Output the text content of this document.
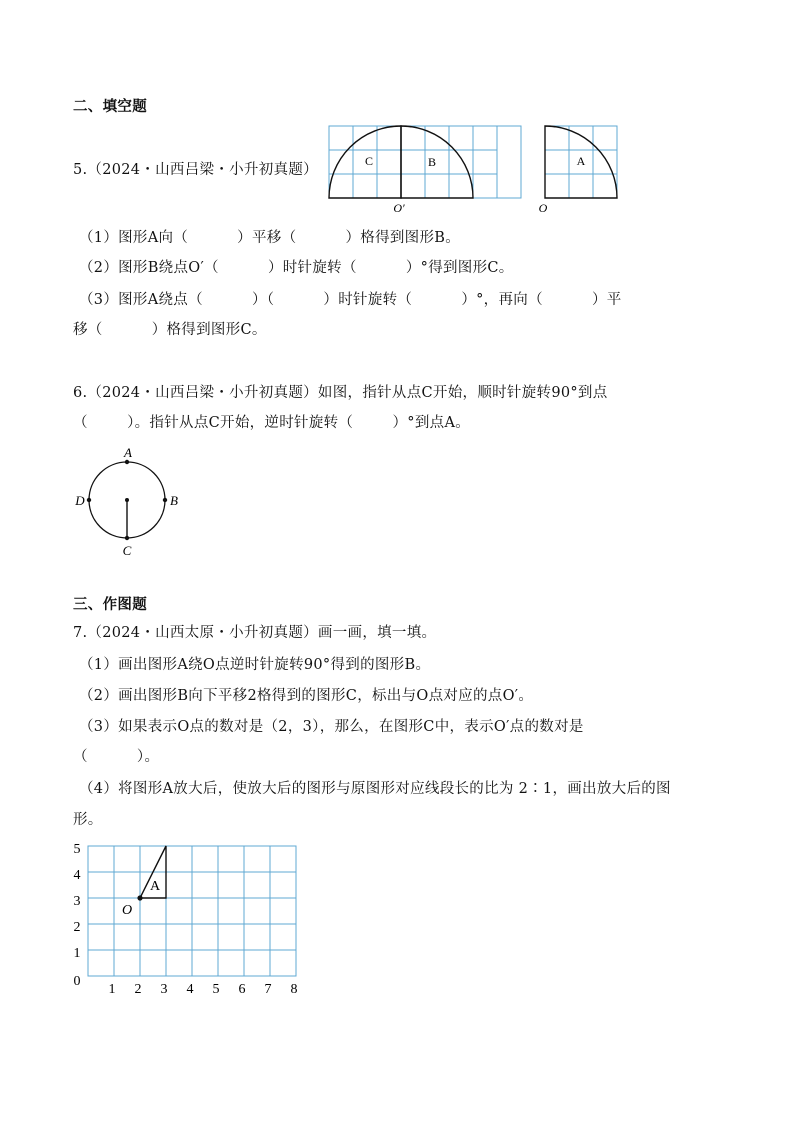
二、填空题
5.（2024・山西吕梁・小升初真题）
C	B	A
O′	O
（1）图形A向（          ）平移（          ）格得到图形B。
（2）图形B绕点O′（          ）时针旋转（          ）°得到图形C。
（3）图形A绕点（          ）（          ）时针旋转（          ）°，再向（          ）平
移（          ）格得到图形C。
6.（2024・山西吕梁・小升初真题）如图，指针从点C开始，顺时针旋转90°到点
（        ）。指针从点C开始，逆时针旋转（        ）°到点A。
A
B
C
D
三、作图题
7.（2024・山西太原・小升初真题）画一画，填一填。
（1）画出图形A绕O点逆时针旋转90°得到的图形B。
（2）画出图形B向下平移2格得到的图形C，标出与O点对应的点O′。
（3）如果表示O点的数对是（2，3），那么，在图形C中，表示O′点的数对是
（          ）。
（4）将图形A放大后，使放大后的图形与原图形对应线段长的比为 2∶1，画出放大后的图
形。
A
O
0
1
2
3
4
5
1 2 3 4 5 6 7 8
